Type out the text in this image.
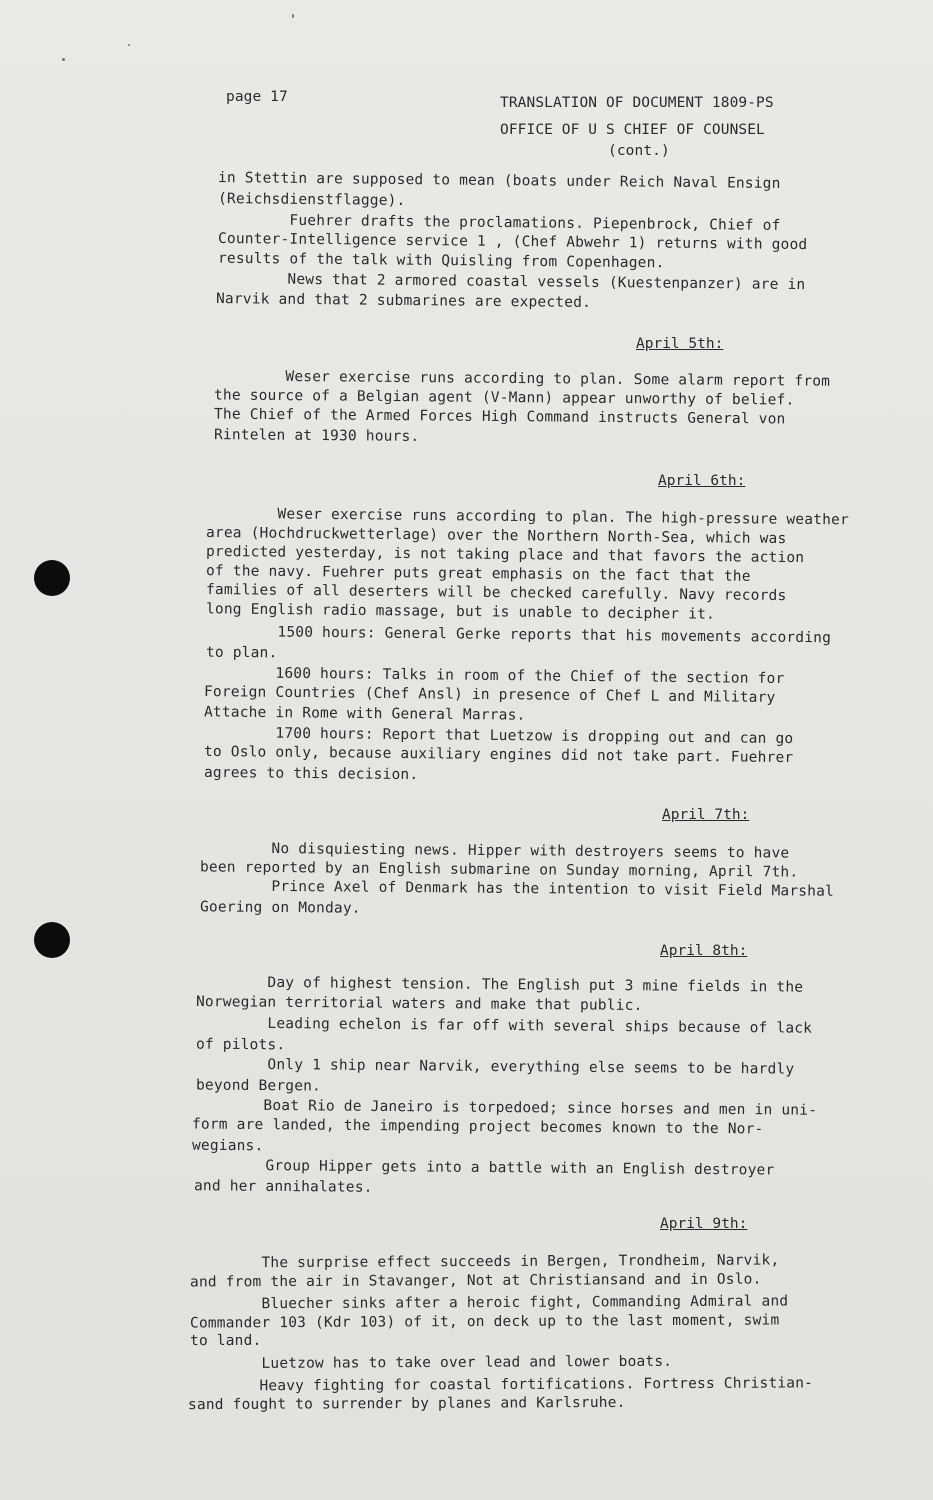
page 17	TRANSLATION OF DOCUMENT 1809-PS
OFFICE OF U S CHIEF OF COUNSEL
(cont.)
in Stettin are supposed to mean (boats under Reich Naval Ensign
(Reichsdienstflagge).
Fuehrer drafts the proclamations. Piepenbrock, Chief of
Counter-Intelligence service 1 , (Chef Abwehr 1) returns with good
results of the talk with Quisling from Copenhagen.
News that 2 armored coastal vessels (Kuestenpanzer) are in
Narvik and that 2 submarines are expected.
April 5th:
Weser exercise runs according to plan. Some alarm report from
the source of a Belgian agent (V-Mann) appear unworthy of belief.
The Chief of the Armed Forces High Command instructs General von
Rintelen at 1930 hours.
April 6th:
Weser exercise runs according to plan. The high-pressure weather
area (Hochdruckwetterlage) over the Northern North-Sea, which was
predicted yesterday, is not taking place and that favors the action
of the navy. Fuehrer puts great emphasis on the fact that the
families of all deserters will be checked carefully. Navy records
long English radio massage, but is unable to decipher it.
1500 hours: General Gerke reports that his movements according
to plan.
1600 hours: Talks in room of the Chief of the section for
Foreign Countries (Chef Ansl) in presence of Chef L and Military
Attache in Rome with General Marras.
1700 hours: Report that Luetzow is dropping out and can go
to Oslo only, because auxiliary engines did not take part. Fuehrer
agrees to this decision.
April 7th:
No disquiesting news. Hipper with destroyers seems to have
been reported by an English submarine on Sunday morning, April 7th.
Prince Axel of Denmark has the intention to visit Field Marshal
Goering on Monday.
April 8th:
Day of highest tension. The English put 3 mine fields in the
Norwegian territorial waters and make that public.
Leading echelon is far off with several ships because of lack
of pilots.
Only 1 ship near Narvik, everything else seems to be hardly
beyond Bergen.
Boat Rio de Janeiro is torpedoed; since horses and men in uni-
form are landed, the impending project becomes known to the Nor-
wegians.
Group Hipper gets into a battle with an English destroyer
and her annihalates.
April 9th:
The surprise effect succeeds in Bergen, Trondheim, Narvik,
and from the air in Stavanger, Not at Christiansand and in Oslo.
Bluecher sinks after a heroic fight, Commanding Admiral and
Commander 103 (Kdr 103) of it, on deck up to the last moment, swim
to land.
Luetzow has to take over lead and lower boats.
Heavy fighting for coastal fortifications. Fortress Christian-
sand fought to surrender by planes and Karlsruhe.
